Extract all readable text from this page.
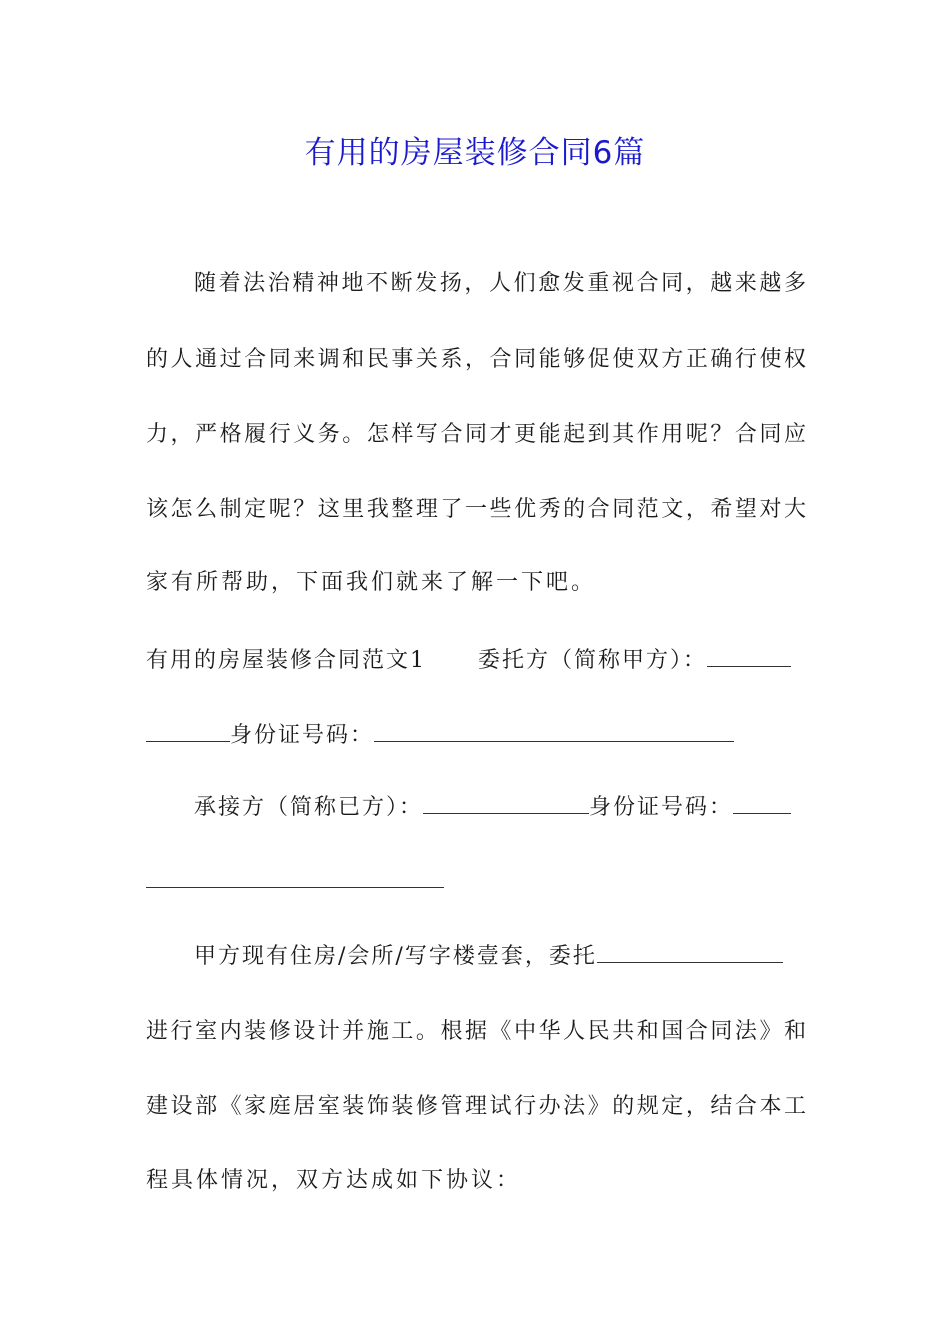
有用的房屋装修合同6篇
随着法治精神地不断发扬，人们愈发重视合同，越来越多
的人通过合同来调和民事关系，合同能够促使双方正确行使权
力，严格履行义务。怎样写合同才更能起到其作用呢？合同应
该怎么制定呢？这里我整理了一些优秀的合同范文，希望对大
家有所帮助，下面我们就来了解一下吧。
有用的房屋装修合同范文1 委托方（简称甲方）：
身份证号码：
承接方（简称已方）：	身份证号码：
甲方现有住房/会所/写字楼壹套，委托
进行室内装修设计并施工。根据《中华人民共和国合同法》和
建设部《家庭居室装饰装修管理试行办法》的规定，结合本工
程具体情况，双方达成如下协议：
